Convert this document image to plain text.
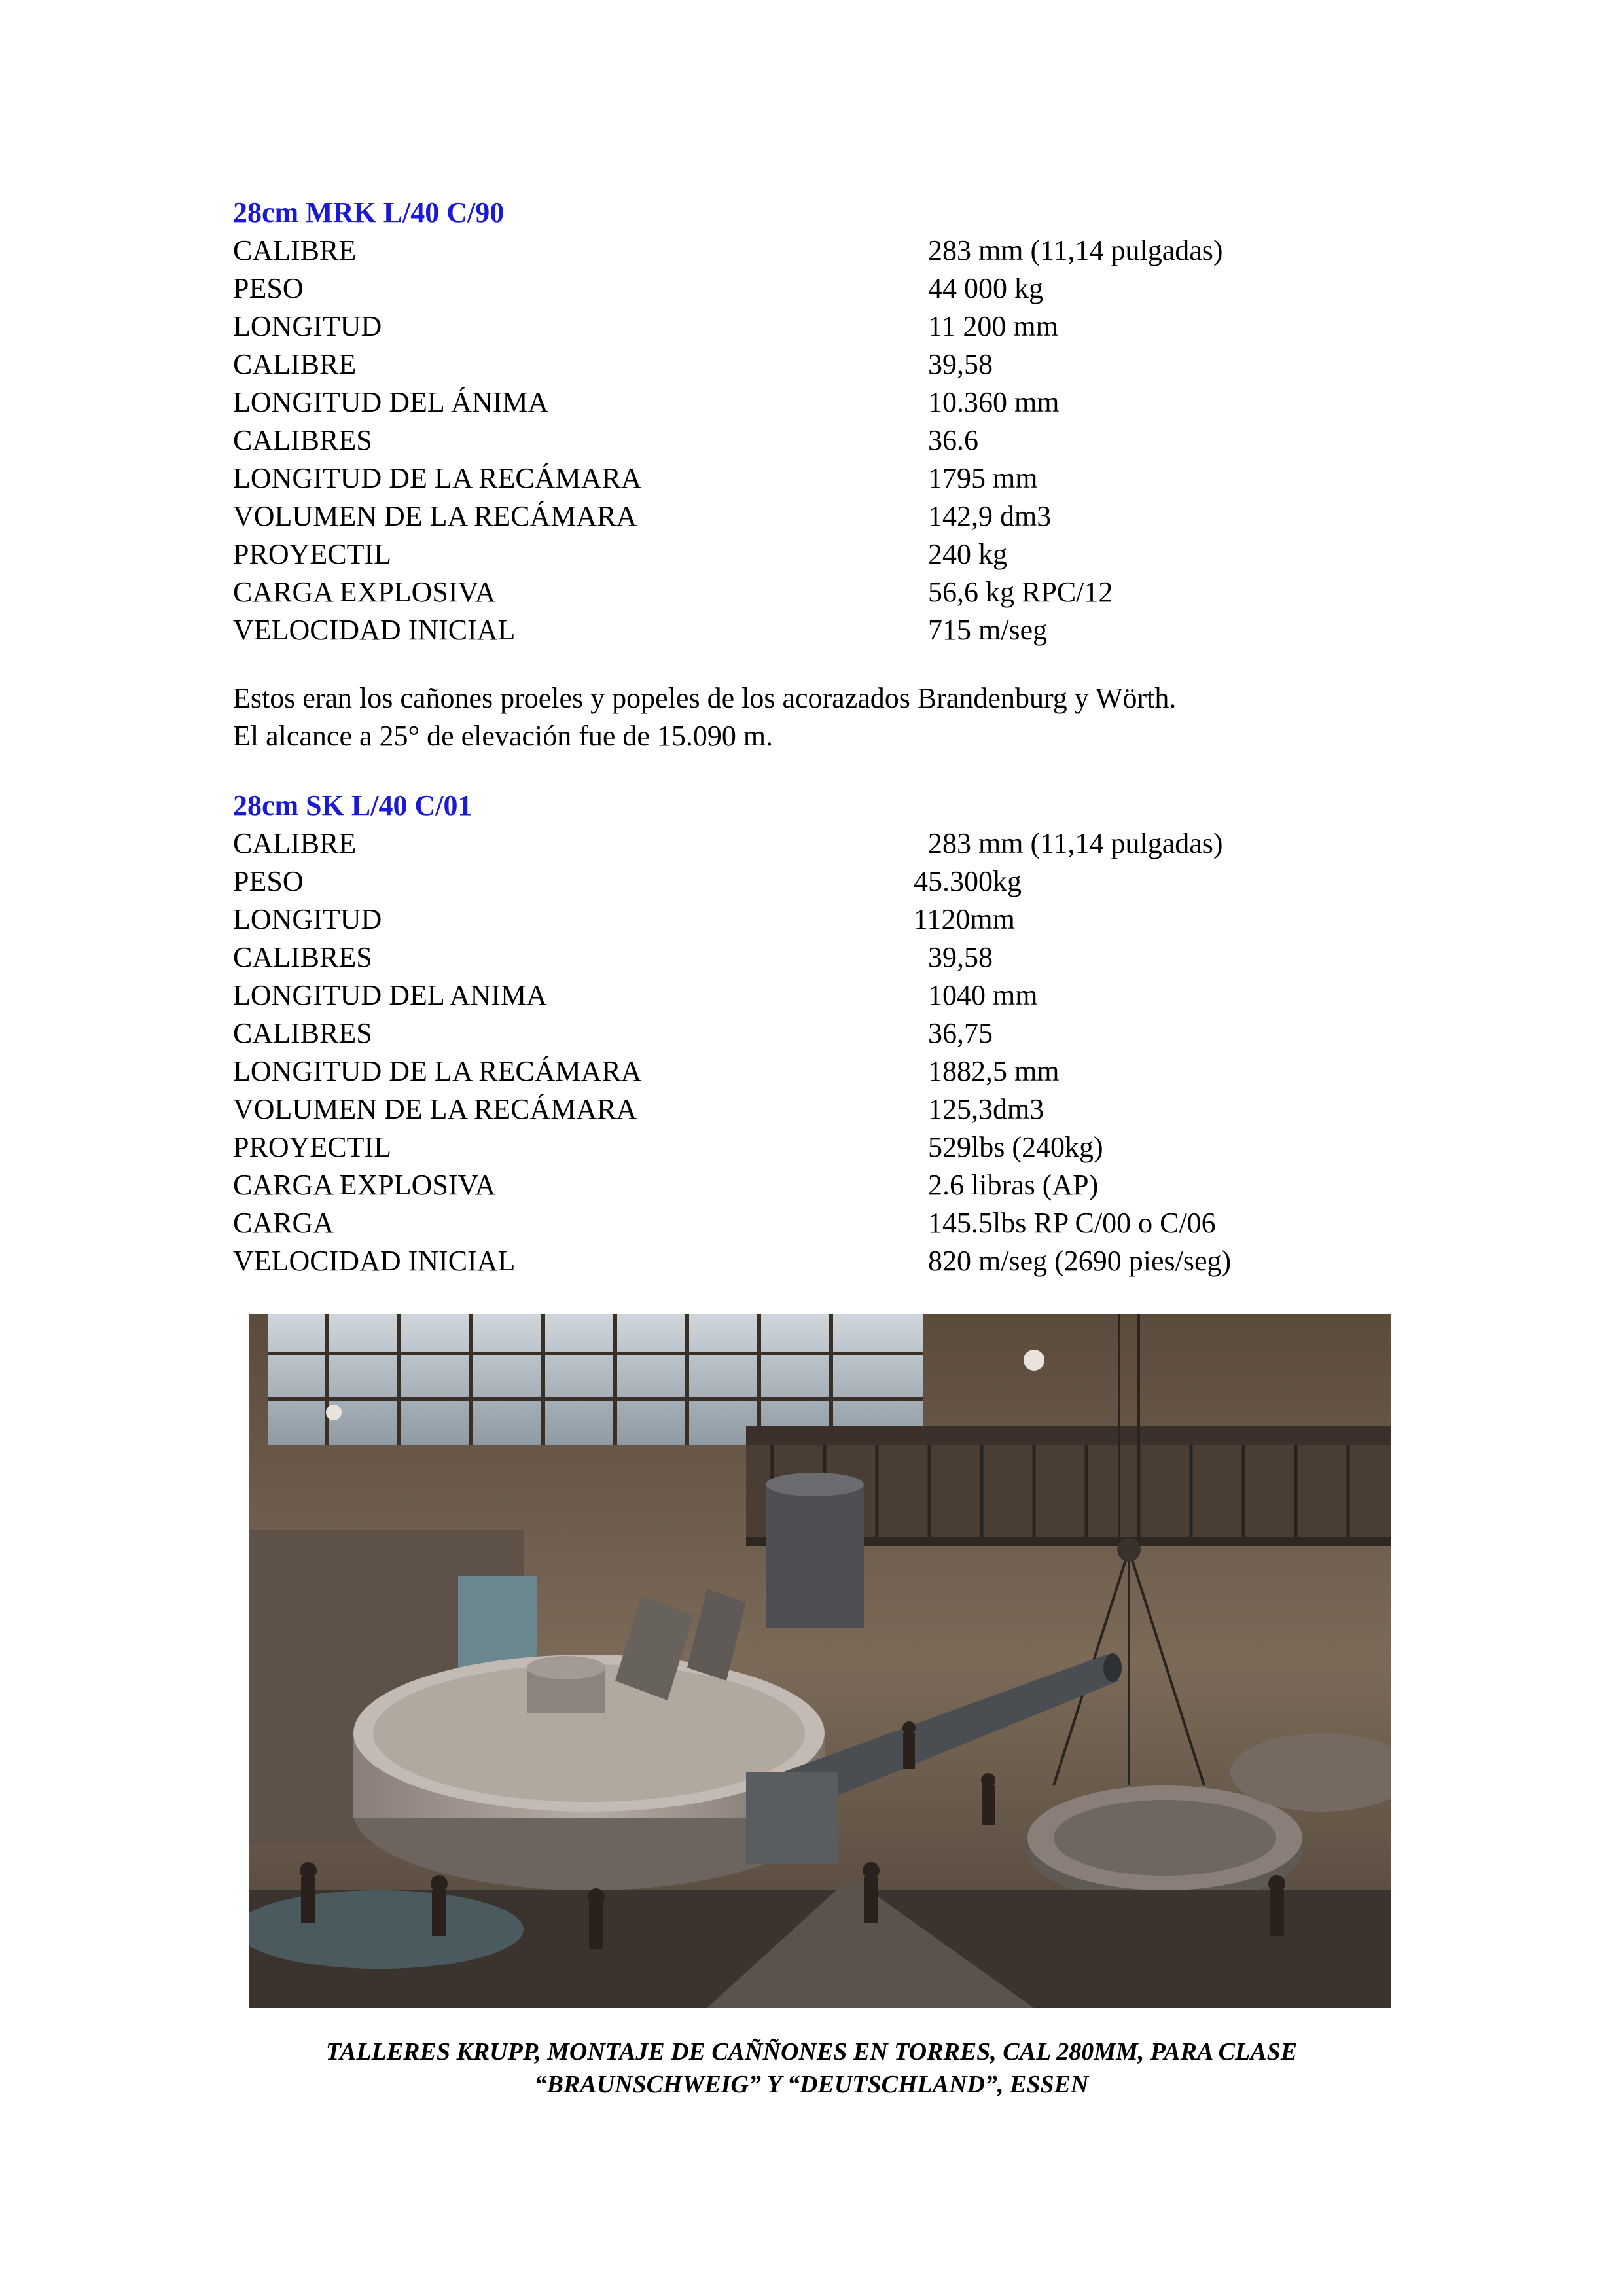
28cm MRK L/40 C/90
CALIBRE	283 mm (11,14 pulgadas)
PESO	44 000 kg
LONGITUD	11 200 mm
CALIBRE	39,58
LONGITUD DEL ÁNIMA	10.360 mm
CALIBRES	36.6
LONGITUD DE LA RECÁMARA	1795 mm
VOLUMEN DE LA RECÁMARA	142,9 dm3
PROYECTIL	240 kg
CARGA EXPLOSIVA	56,6 kg RPC/12
VELOCIDAD INICIAL	715 m/seg
Estos eran los cañones proeles y popeles de los acorazados Brandenburg y Wörth.
El alcance a 25° de elevación fue de 15.090 m.
28cm SK L/40 C/01
CALIBRE	283 mm (11,14 pulgadas)
PESO	45.300kg
LONGITUD	1120mm
CALIBRES	39,58
LONGITUD DEL ANIMA	1040 mm
CALIBRES	36,75
LONGITUD DE LA RECÁMARA	1882,5 mm
VOLUMEN DE LA RECÁMARA	125,3dm3
PROYECTIL	529lbs (240kg)
CARGA EXPLOSIVA	2.6 libras (AP)
CARGA	145.5lbs RP C/00 o C/06
VELOCIDAD INICIAL	820 m/seg (2690 pies/seg)
TALLERES KRUPP, MONTAJE DE CAÑÑONES EN TORRES, CAL 280MM, PARA CLASE
“BRAUNSCHWEIG” Y “DEUTSCHLAND”, ESSEN
